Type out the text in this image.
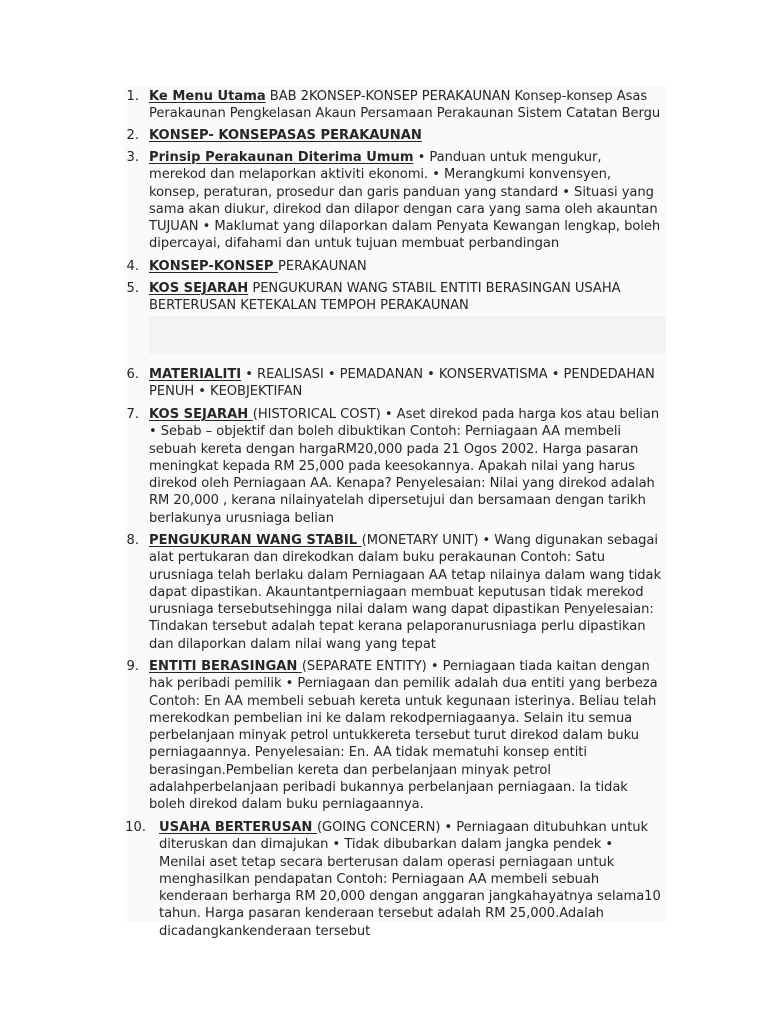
1. Ke Menu Utama BAB 2KONSEP-KONSEP PERAKAUNAN Konsep-konsep Asas Perakaunan Pengkelasan Akaun Persamaan Perakaunan Sistem Catatan Bergu
2. KONSEP- KONSEPASAS PERAKAUNAN
3. Prinsip Perakaunan Diterima Umum • Panduan untuk mengukur, merekod dan melaporkan aktiviti ekonomi. • Merangkumi konvensyen, konsep, peraturan, prosedur dan garis panduan yang standard • Situasi yang sama akan diukur, direkod dan dilapor dengan cara yang sama oleh akauntan TUJUAN • Maklumat yang dilaporkan dalam Penyata Kewangan lengkap, boleh dipercayai, difahami dan untuk tujuan membuat perbandingan
4. KONSEP-KONSEP PERAKAUNAN
5. KOS SEJARAH PENGUKURAN WANG STABIL ENTITI BERASINGAN USAHA BERTERUSAN KETEKALAN TEMPOH PERAKAUNAN
6. MATERIALITI • REALISASI • PEMADANAN • KONSERVATISMA • PENDEDAHAN PENUH • KEOBJEKTIFAN
7. KOS SEJARAH (HISTORICAL COST) • Aset direkod pada harga kos atau belian • Sebab – objektif dan boleh dibuktikan Contoh: Perniagaan AA membeli sebuah kereta dengan hargaRM20,000 pada 21 Ogos 2002. Harga pasaran meningkat kepada RM 25,000 pada keesokannya. Apakah nilai yang harus direkod oleh Perniagaan AA. Kenapa? Penyelesaian: Nilai yang direkod adalah RM 20,000 , kerana nilainyatelah dipersetujui dan bersamaan dengan tarikh berlakunya urusniaga belian
8. PENGUKURAN WANG STABIL (MONETARY UNIT) • Wang digunakan sebagai alat pertukaran dan direkodkan dalam buku perakaunan Contoh: Satu urusniaga telah berlaku dalam Perniagaan AA tetap nilainya dalam wang tidak dapat dipastikan. Akauntantperniagaan membuat keputusan tidak merekod urusniaga tersebutsehingga nilai dalam wang dapat dipastikan Penyelesaian: Tindakan tersebut adalah tepat kerana pelaporanurusniaga perlu dipastikan dan dilaporkan dalam nilai wang yang tepat
9. ENTITI BERASINGAN (SEPARATE ENTITY) • Perniagaan tiada kaitan dengan hak peribadi pemilik • Perniagaan dan pemilik adalah dua entiti yang berbeza Contoh: En AA membeli sebuah kereta untuk kegunaan isterinya. Beliau telah merekodkan pembelian ini ke dalam rekodperniagaanya. Selain itu semua perbelanjaan minyak petrol untukkereta tersebut turut direkod dalam buku perniagaannya. Penyelesaian: En. AA tidak mematuhi konsep entiti berasingan.Pembelian kereta dan perbelanjaan minyak petrol adalahperbelanjaan peribadi bukannya perbelanjaan perniagaan. Ia tidak boleh direkod dalam buku perniagaannya.
10. USAHA BERTERUSAN (GOING CONCERN) • Perniagaan ditubuhkan untuk diteruskan dan dimajukan • Tidak dibubarkan dalam jangka pendek • Menilai aset tetap secara berterusan dalam operasi perniagaan untuk menghasilkan pendapatan Contoh: Perniagaan AA membeli sebuah kenderaan berharga RM 20,000 dengan anggaran jangkahayatnya selama10 tahun. Harga pasaran kenderaan tersebut adalah RM 25,000.Adalah dicadangkankenderaan tersebut
